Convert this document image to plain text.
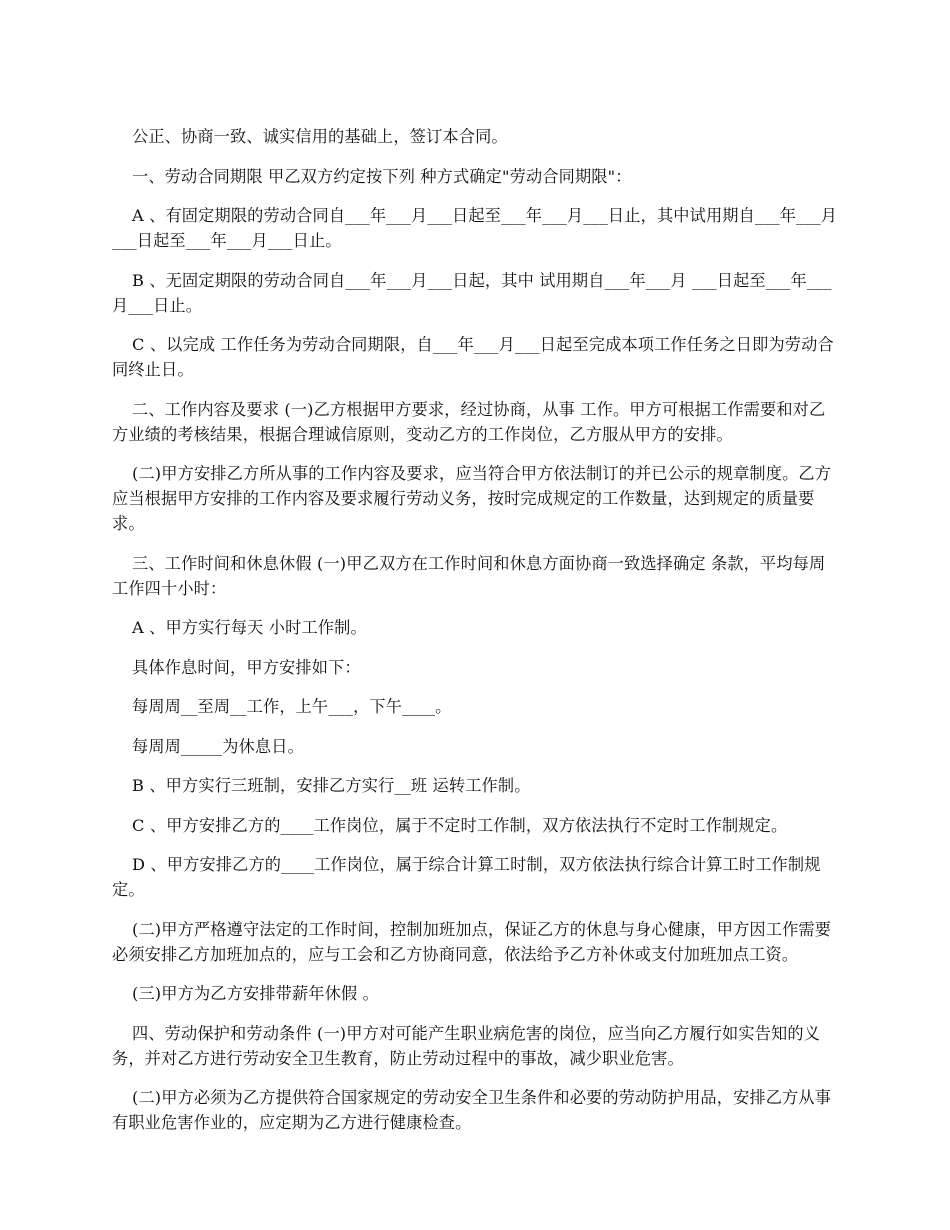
公正、协商一致、诚实信用的基础上，签订本合同。

一、劳动合同期限 甲乙双方约定按下列 种方式确定"劳动合同期限"：

A 、有固定期限的劳动合同自___年___月___日起至___年___月___日止，其中试用期自___年___月___日起至___年___月___日止。

B 、无固定期限的劳动合同自___年___月___日起，其中 试用期自___年___月 ___日起至___年___月___日止。

C 、以完成 工作任务为劳动合同期限，自___年___月___日起至完成本项工作任务之日即为劳动合同终止日。

二、工作内容及要求 (一)乙方根据甲方要求，经过协商，从事 工作。甲方可根据工作需要和对乙方业绩的考核结果，根据合理诚信原则，变动乙方的工作岗位，乙方服从甲方的安排。

(二)甲方安排乙方所从事的工作内容及要求，应当符合甲方依法制订的并已公示的规章制度。乙方应当根据甲方安排的工作内容及要求履行劳动义务，按时完成规定的工作数量，达到规定的质量要求。

三、工作时间和休息休假 (一)甲乙双方在工作时间和休息方面协商一致选择确定 条款，平均每周工作四十小时：

A 、甲方实行每天 小时工作制。

具体作息时间，甲方安排如下：

每周周__至周__工作，上午___，下午____。

每周周_____为休息日。

B 、甲方实行三班制，安排乙方实行__班 运转工作制。

C 、甲方安排乙方的____工作岗位，属于不定时工作制，双方依法执行不定时工作制规定。

D 、甲方安排乙方的____工作岗位，属于综合计算工时制，双方依法执行综合计算工时工作制规定。

(二)甲方严格遵守法定的工作时间，控制加班加点，保证乙方的休息与身心健康，甲方因工作需要必须安排乙方加班加点的，应与工会和乙方协商同意，依法给予乙方补休或支付加班加点工资。

(三)甲方为乙方安排带薪年休假 。

四、劳动保护和劳动条件 (一)甲方对可能产生职业病危害的岗位，应当向乙方履行如实告知的义务，并对乙方进行劳动安全卫生教育，防止劳动过程中的事故，减少职业危害。

(二)甲方必须为乙方提供符合国家规定的劳动安全卫生条件和必要的劳动防护用品，安排乙方从事有职业危害作业的，应定期为乙方进行健康检查。
